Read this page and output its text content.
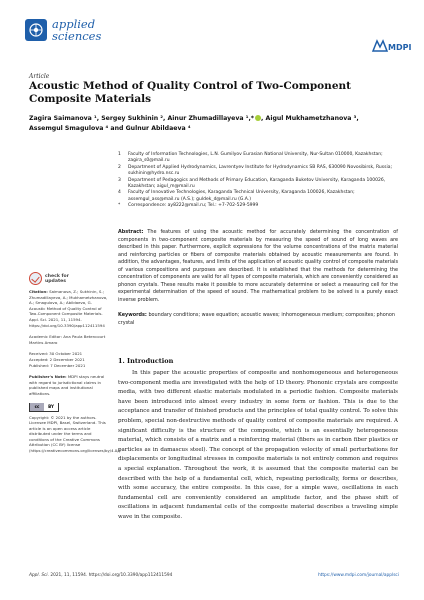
applied
sciences
MDPI
Article
Acoustic Method of Quality Control of Two-Component Composite Materials
Zagira Saimanova ¹, Sergey Sukhinin ², Ainur Zhumadillayeva ¹,* , Aigul Mukhametzhanova ³,
Assemgul Smagulova ⁴ and Gulnur Abildaeva ⁴
1	Faculty of Information Technologies, L.N. Gumilyov Eurasian National University, Nur-Sultan 010000, Kazakhstan; zagira_s0@mail.ru
2	Department of Applied Hydrodynamics, Lavrentyev Institute for Hydrodynamics SB RAS, 630090 Novosibirsk, Russia; sukhinin@hydro.nsc.ru
3	Department of Pedagogics and Methods of Primary Education, Karaganda Buketov University, Karaganda 100026, Kazakhstan; aigul_m@mail.ru
4	Faculty of Innovative Technologies, Karaganda Technical University, Karaganda 100026, Kazakhstan; assemgul_ass@mail.ru (A.S.); guldek_d@mail.ru (G.A.)
*	Correspondence: ay8222@mail.ru; Tel.: +7-702-529-5999
Abstract: The features of using the acoustic method for accurately determining the concentration of components in two-component composite materials by measuring the speed of sound of long waves are described in this paper. Furthermore, explicit expressions for the volume concentrations of the matrix material and reinforcing particles or fibers of composite materials obtained by acoustic measurements are found. In addition, the advantages, features, and limits of the application of acoustic quality control of composite materials of various compositions and purposes are described. It is established that the methods for determining the concentration of components are valid for all types of composite materials, which are conveniently considered as phonon crystals. These results make it possible to more accurately determine or select a measuring cell for the experimental determination of the speed of sound. The mathematical problem to be solved is a purely exact inverse problem.
Keywords: boundary conditions; wave equation; acoustic waves; inhomogeneous medium; composites; phonon crystal
check for
updates
Citation: Saimanova, Z.; Sukhinin, S.; Zhumadillayeva, A.; Mukhametzhanova, A.; Smagulova, A.; Abildaeva, G. Acoustic Method of Quality Control of Two-Component Composite Materials. Appl. Sci. 2021, 11, 11594. https://doi.org/10.3390/app112411594
Academic Editor: Ana Paula Betencourt Martins Amaro
Received: 30 October 2021
Accepted: 2 December 2021
Published: 7 December 2021
Publisher's Note: MDPI stays neutral with regard to jurisdictional claims in published maps and institutional affiliations.
cc	BY
Copyright: © 2021 by the authors. Licensee MDPI, Basel, Switzerland. This article is an open access article distributed under the terms and conditions of the Creative Commons Attribution (CC BY) license (https://creativecommons.org/licenses/by/4.0/).
1. Introduction
In this paper the acoustic properties of composite and nonhomogeneous and heterogeneous two-component media are investigated with the help of 1D theory. Phononic crystals are composite media, with two different elastic materials modulated in a periodic fashion. Composite materials have been introduced into almost every industry in some form or fashion. This is due to the acceptance and transfer of finished products and the principles of total quality control. To solve this problem, special non-destructive methods of quality control of composite materials are required. A significant difficulty is the structure of the composite, which is an essentially heterogeneous material, which consists of a matrix and a reinforcing material (fibers as in carbon fiber plastics or particles as in damascus steel). The concept of the propagation velocity of small perturbations for displacements or longitudinal stresses in composite materials is not entirely common and requires a special explanation. Throughout the work, it is assumed that the composite material can be described with the help of a fundamental cell, which, repeating periodically, forms or describes, with some accuracy, the entire composite. In this case, for a simple wave, oscillations in each fundamental cell are conveniently considered an amplitude factor, and the phase shift of oscillations in adjacent fundamental cells of the composite material describes a traveling simple wave in the composite.
Appl. Sci. 2021, 11, 11594. https://doi.org/10.3390/app112411594	https://www.mdpi.com/journal/applsci
